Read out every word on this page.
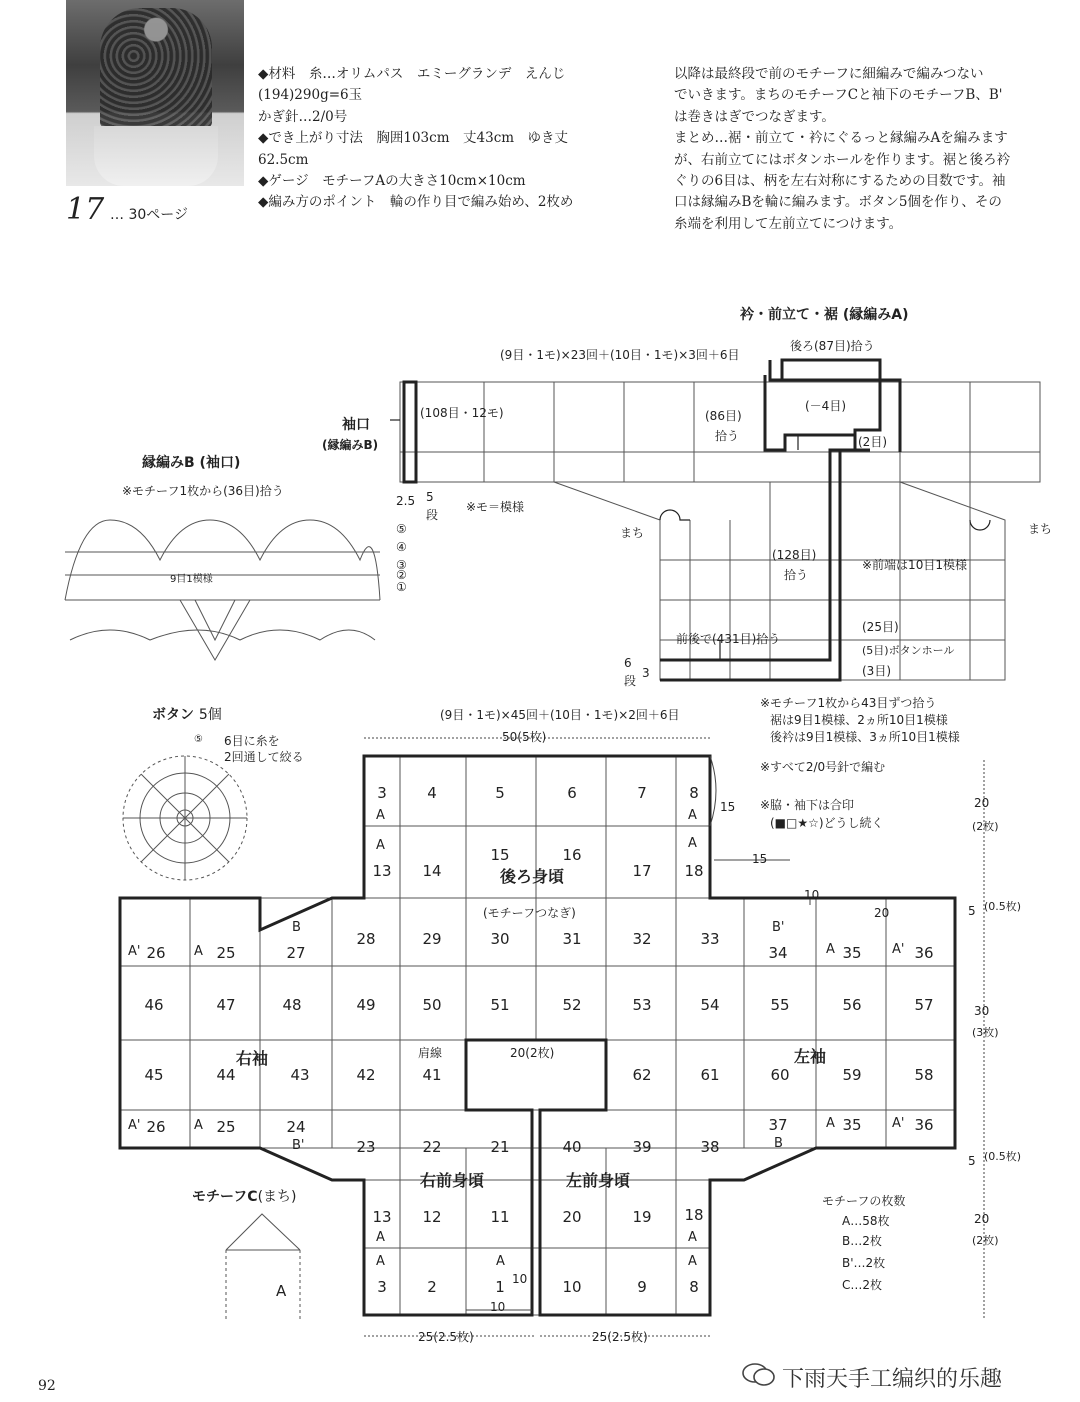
17 … 30ページ
◆材料　糸…オリムパス　エミーグランデ　えんじ
(194)290g=6玉
かぎ針…2/0号
◆でき上がり寸法　胸囲103cm　丈43cm　ゆき丈
62.5cm
◆ゲージ　モチーフAの大きさ10cm×10cm
◆編み方のポイント　輪の作り目で編み始め、2枚め
以降は最終段で前のモチーフに細編みで編みつない
でいきます。まちのモチーフCと袖下のモチーフB、B'
は巻きはぎでつなぎます。
まとめ…裾・前立て・衿にぐるっと縁編みAを編みます
が、右前立てにはボタンホールを作ります。裾と後ろ衿
ぐりの6目は、柄を左右対称にするための目数です。袖
口は縁編みBを輪に編みます。ボタン5個を作り、その
糸端を利用して左前立てにつけます。
衿・前立て・裾 (縁編みA)
(9目・1モ)×23回＋(10目・1モ)×3回＋6目
後ろ(87目)拾う
(－4目)
(86目)
拾う	(2目)
(108目・12モ)
袖口
(縁編みB)
2.5 5
段
※モ＝模様
まち	まち
(128目)
拾う
※前端は10目1模様
(25目)
(5目)ボタンホール
(3目)
前後で(431目)拾う
6
段
3
(9目・1モ)×45回＋(10目・1モ)×2回＋6目
※モチーフ1枚から43目ずつ拾う
裾は9目1模様、2ヵ所10目1模様
後衿は9目1模様、3ヵ所10目1模様
※すべて2/0号針で編む
縁編みB (袖口)
※モチーフ1枚から(36目)拾う
9目1模様
⑤
④
③
②
①
ボタン 5個
6目に糸を
2回通して絞る
⑤	50(5枚)
後ろ身頃
(モチーフつなぎ)
右袖	左袖
肩線	20(2枚)
右前身頃	左前身頃
15
15
10
20
※脇・袖下は合印
(■□★☆)どうし続く
20
(2枚)
5 (0.5枚)
30
(3枚)
5 (0.5枚)
20
(2枚)
25(2.5枚)	25(2.5枚)
10
10
モチーフC(まち)
A
モチーフの枚数
A…58枚
B…2枚
B'…2枚
C…2枚
3	4	5	6	7	8
13	14
15	16
17	18
26	25	27
28	29	30	31	32	33
34	35	36
46	47	48	49	50	51	52	53	54	55	56	57
45	44	43	42	41	62	61	60	59	58
26	25	24
23	22	21	40	39	38
37	35	36
13	12	11	20	19	18
3	2	1	10	9	8
A
A
A
A
A'	A
B	B'
A	A'
A'	A
B'	B
A	A'
A
A	A
A
A
92	下雨天手工编织的乐趣
